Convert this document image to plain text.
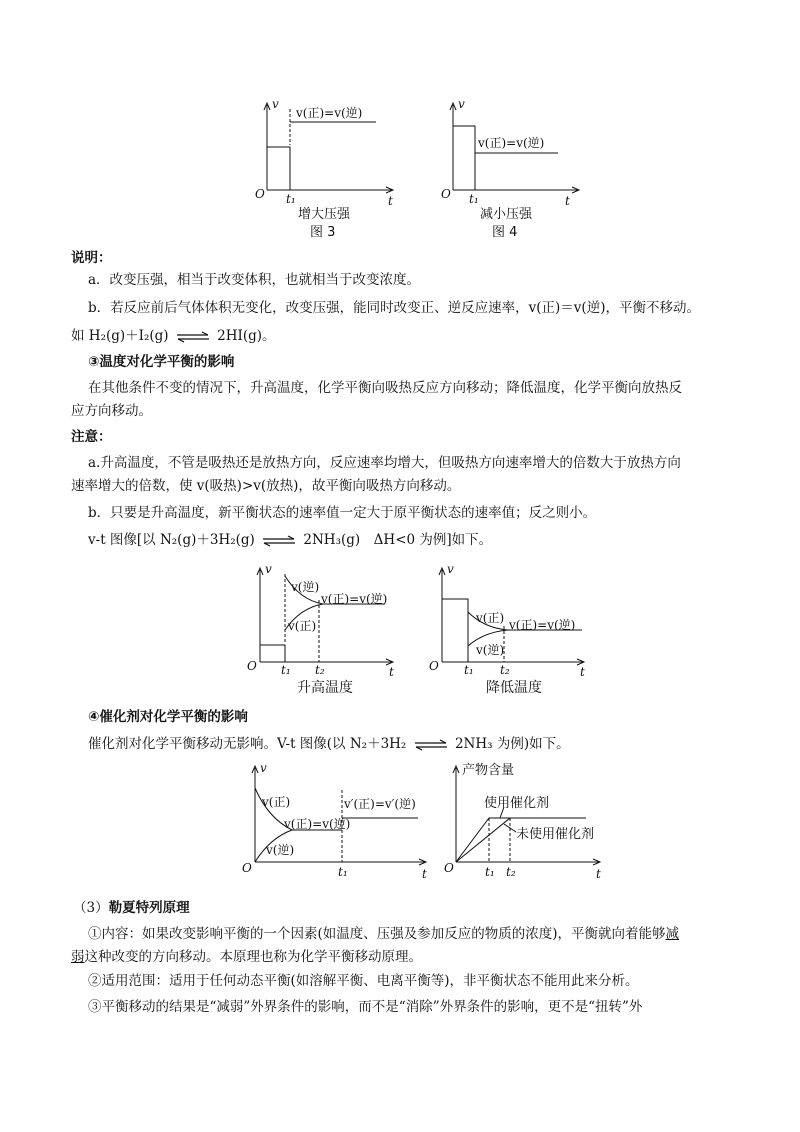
v
t
O t₁
v(正)=v(逆)
增大压强
图 3
v
t
O t₁
v(正)=v(逆)
减小压强
图 4
说明：
a．改变压强，相当于改变体积，也就相当于改变浓度。
b．若反应前后气体体积无变化，改变压强，能同时改变正、逆反应速率，v(正)＝v(逆)，平衡不移动。
如 H₂(g)＋I₂(g) ⇌ 2HI(g)。
③温度对化学平衡的影响
在其他条件不变的情况下，升高温度，化学平衡向吸热反应方向移动；降低温度，化学平衡向放热反
应方向移动。
注意：
a.升高温度，不管是吸热还是放热方向，反应速率均增大，但吸热方向速率增大的倍数大于放热方向
速率增大的倍数，使 v(吸热)>v(放热)，故平衡向吸热方向移动。
b．只要是升高温度，新平衡状态的速率值一定大于原平衡状态的速率值；反之则小。
v-t 图像[以 N₂(g)＋3H₂(g) ⇌ 2NH₃(g)　ΔH<0 为例]如下。
v
t
O t₁ t₂
v(逆)
v(正)
v(正)=v(逆)
升高温度
v
t
O t₁ t₂
v(正)
v(逆)
v(正)=v(逆)
降低温度
④催化剂对化学平衡的影响
催化剂对化学平衡移动无影响。V-t 图像(以 N₂＋3H₂ ⇌ 2NH₃ 为例)如下。
v
t
O	t₁
v(正)
v(逆)
v(正)=v(逆)
v′(正)=v′(逆)
产物含量
t
O	t₁ t₂
使用催化剂
未使用催化剂
（3）勒夏特列原理
①内容：如果改变影响平衡的一个因素(如温度、压强及参加反应的物质的浓度)，平衡就向着能够减
弱这种改变的方向移动。本原理也称为化学平衡移动原理。
②适用范围：适用于任何动态平衡(如溶解平衡、电离平衡等)，非平衡状态不能用此来分析。
③平衡移动的结果是“减弱”外界条件的影响，而不是“消除”外界条件的影响，更不是“扭转”外
